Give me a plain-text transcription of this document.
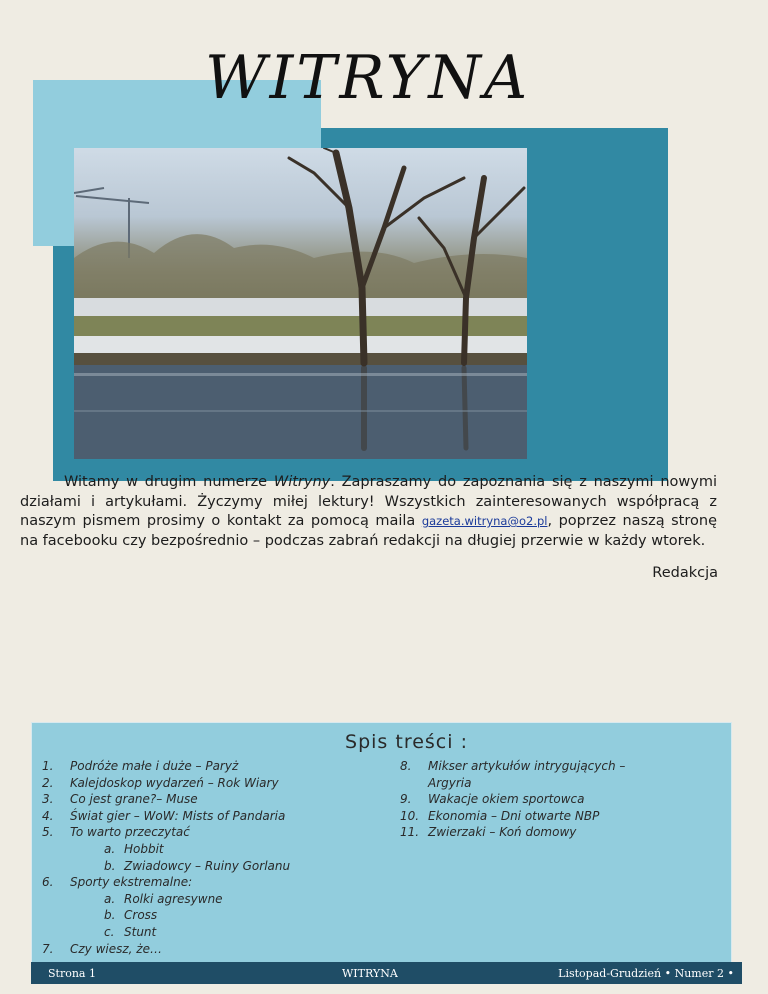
WITRYNA

Witamy w drugim numerze Witryny. Zapraszamy do zapoznania się z naszymi nowymi działami i artykułami. Życzymy miłej lektury! Wszystkich zainteresowanych współpracą z naszym pismem prosimy o kontakt za pomocą maila gazeta.witryna@o2.pl, poprzez naszą stronę na facebooku czy bezpośrednio – podczas zabrań redakcji na długiej przerwie w każdy wtorek.

Redakcja
Spis treści :
1.	Podróże małe i duże – Paryż
2.	Kalejdoskop wydarzeń – Rok Wiary
3.	Co jest grane?– Muse
4.	Świat gier – WoW: Mists of Pandaria
5.	To warto przeczytać
a. Hobbit
b. Zwiadowcy – Ruiny Gorlanu
6.	Sporty ekstremalne:
a. Rolki agresywne
b. Cross
c. Stunt
7.	Czy wiesz, że…
8.	Mikser artykułów intrygujących –
Argyria
9.	Wakacje okiem sportowca
10. Ekonomia – Dni otwarte NBP
11. Zwierzaki – Koń domowy
Strona 1	WITRYNA	Listopad-Grudzień • Numer 2 •
